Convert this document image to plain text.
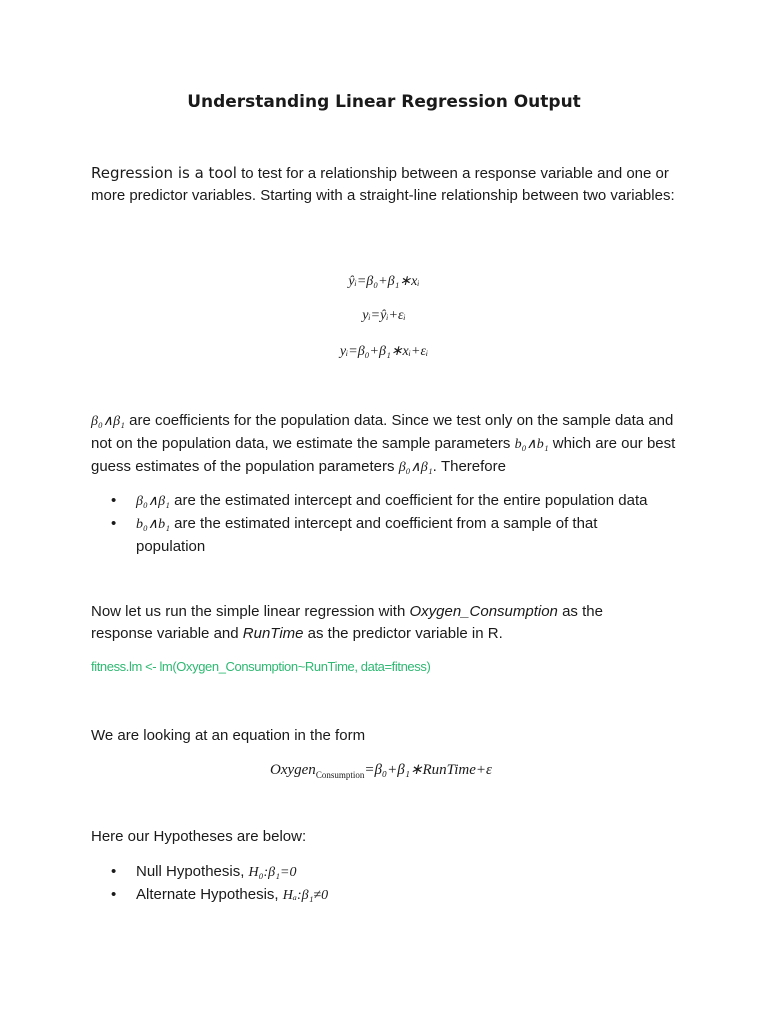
Understanding Linear Regression Output
Regression is a tool to test for a relationship between a response variable and one or more predictor variables. Starting with a straight-line relationship between two variables:
ŷᵢ=β₀+β₁∗xᵢ
yᵢ=ŷᵢ+εᵢ
yᵢ=β₀+β₁∗xᵢ+εᵢ
β₀∧β₁ are coefficients for the population data. Since we test only on the sample data and not on the population data, we estimate the sample parameters b₀∧b₁ which are our best guess estimates of the population parameters β₀∧β₁. Therefore
• β₀∧β₁ are the estimated intercept and coefficient for the entire population data
• b₀∧b₁ are the estimated intercept and coefficient from a sample of that population
Now let us run the simple linear regression with Oxygen_Consumption as the response variable and RunTime as the predictor variable in R.
fitness.lm <- lm(Oxygen_Consumption~RunTime, data=fitness)
We are looking at an equation in the form
Oxygen$_{Consumption}$=β₀+β₁∗RunTime+ε
Here our Hypotheses are below:
• Null Hypothesis, H₀:β₁=0
• Alternate Hypothesis, Hₐ:β₁≠0
